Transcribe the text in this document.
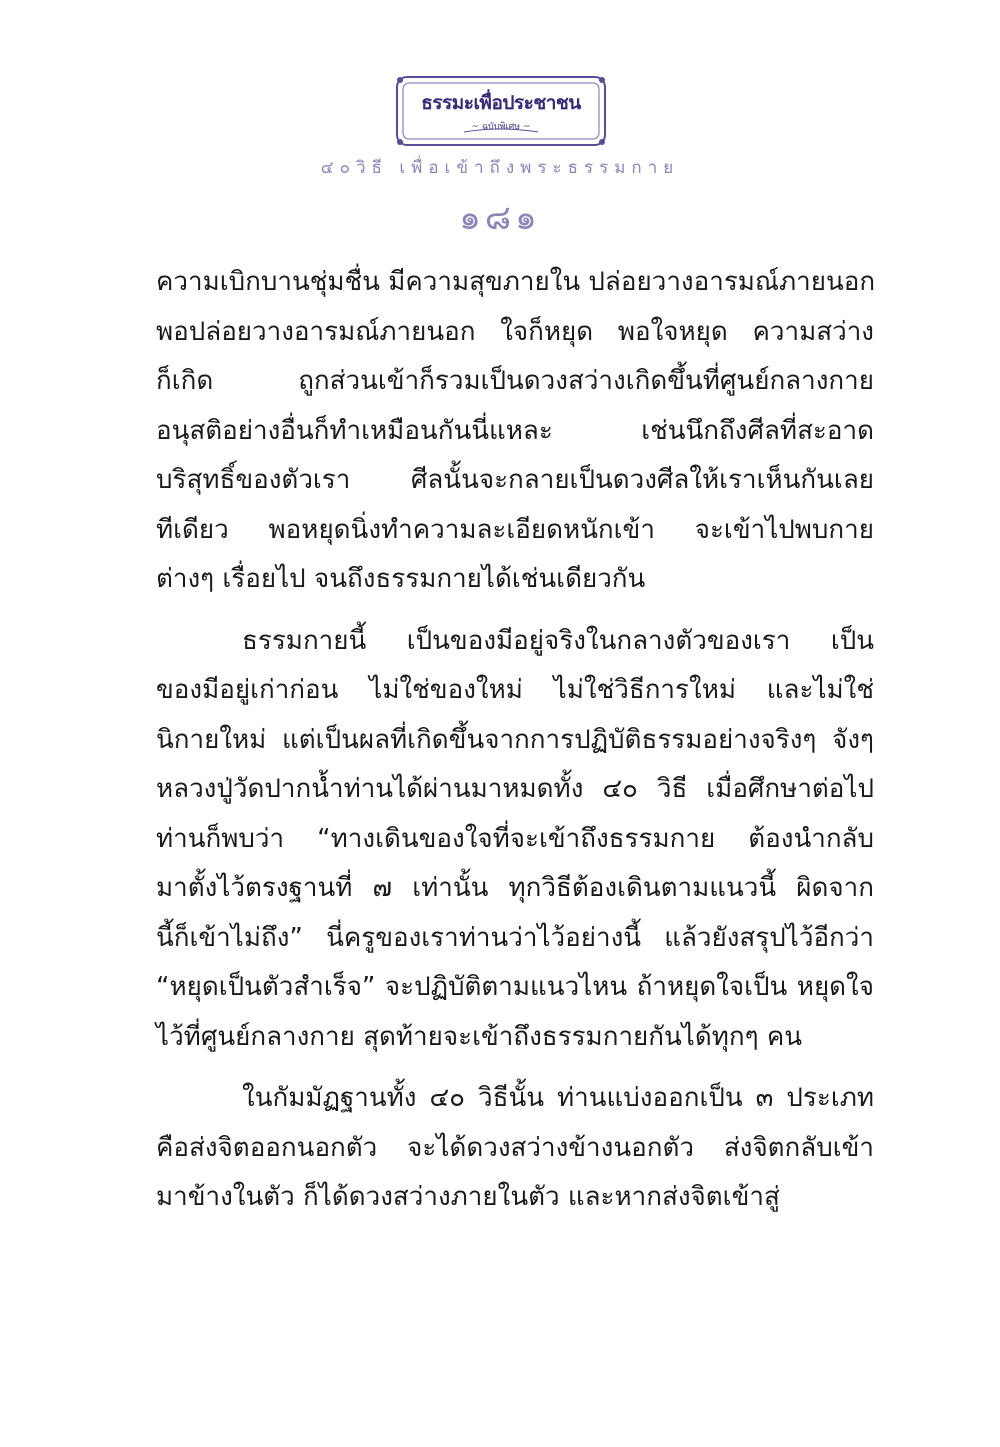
ธรรมะเพื่อประชาชน
~ ฉบับพิเศษ ~
๔๐วิธี เพื่อเข้าถึงพระธรรมกาย
๑๘๑
ความเบิกบานชุ่มชื่น มีความสุขภายใน ปล่อยวางอารมณ์ภายนอก
พอปล่อยวางอารมณ์ภายนอก ใจก็หยุด พอใจหยุด ความสว่าง
ก็เกิด ถูกส่วนเข้าก็รวมเป็นดวงสว่างเกิดขึ้นที่ศูนย์กลางกาย
อนุสติอย่างอื่นก็ทำเหมือนกันนี่แหละ เช่นนึกถึงศีลที่สะอาด
บริสุทธิ์ของตัวเรา ศีลนั้นจะกลายเป็นดวงศีลให้เราเห็นกันเลย
ทีเดียว พอหยุดนิ่งทำความละเอียดหนักเข้า จะเข้าไปพบกาย
ต่างๆ เรื่อยไป จนถึงธรรมกายได้เช่นเดียวกัน
ธรรมกายนี้ เป็นของมีอยู่จริงในกลางตัวของเรา เป็น
ของมีอยู่เก่าก่อน ไม่ใช่ของใหม่ ไม่ใช่วิธีการใหม่ และไม่ใช่
นิกายใหม่ แต่เป็นผลที่เกิดขึ้นจากการปฏิบัติธรรมอย่างจริงๆ จังๆ
หลวงปู่วัดปากน้ำท่านได้ผ่านมาหมดทั้ง ๔๐ วิธี เมื่อศึกษาต่อไป
ท่านก็พบว่า “ทางเดินของใจที่จะเข้าถึงธรรมกาย ต้องนำกลับ
มาตั้งไว้ตรงฐานที่ ๗ เท่านั้น ทุกวิธีต้องเดินตามแนวนี้ ผิดจาก
นี้ก็เข้าไม่ถึง” นี่ครูของเราท่านว่าไว้อย่างนี้ แล้วยังสรุปไว้อีกว่า
“หยุดเป็นตัวสำเร็จ” จะปฏิบัติตามแนวไหน ถ้าหยุดใจเป็น หยุดใจ
ไว้ที่ศูนย์กลางกาย สุดท้ายจะเข้าถึงธรรมกายกันได้ทุกๆ คน
ในกัมมัฏฐานทั้ง ๔๐ วิธีนั้น ท่านแบ่งออกเป็น ๓ ประเภท
คือส่งจิตออกนอกตัว จะได้ดวงสว่างข้างนอกตัว ส่งจิตกลับเข้า
มาข้างในตัว ก็ได้ดวงสว่างภายในตัว และหากส่งจิตเข้าสู่
